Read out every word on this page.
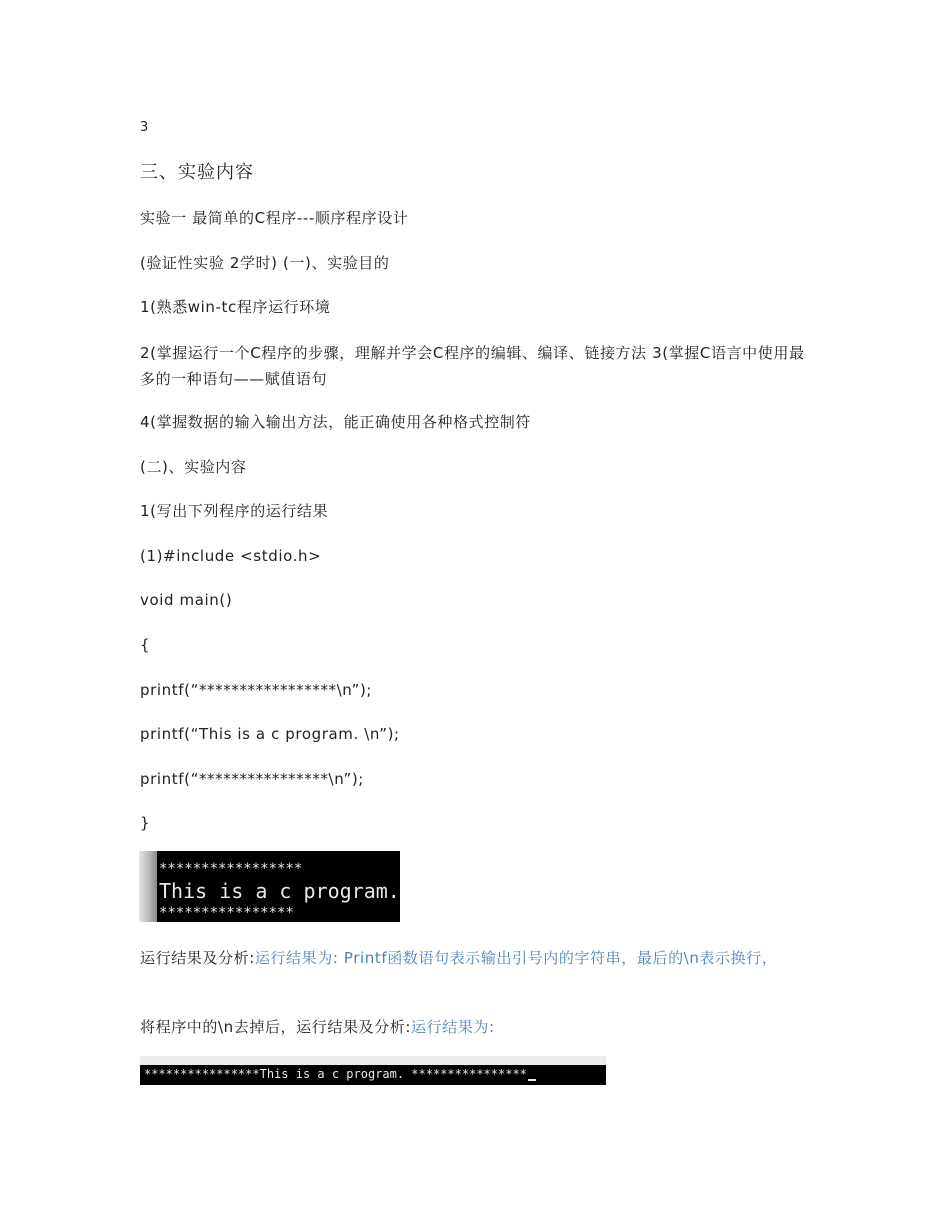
3
三、实验内容
实验一 最简单的C程序---顺序程序设计
(验证性实验 2学时) (一)、实验目的
1(熟悉win-tc程序运行环境
2(掌握运行一个C程序的步骤，理解并学会C程序的编辑、编译、链接方法 3(掌握C语言中使用最多的一种语句——赋值语句
4(掌握数据的输入输出方法，能正确使用各种格式控制符
(二)、实验内容
1(写出下列程序的运行结果
(1)#include <stdio.h>
void main()
{
printf(“*****************\n”);
printf(“This is a c program. \n”);
printf(“****************\n”);
}
*****************
This is a c program.
****************
运行结果及分析:运行结果为: Printf函数语句表示输出引号内的字符串，最后的\n表示换行，
将程序中的\n去掉后，运行结果及分析:运行结果为:
****************This is a c program. ****************
